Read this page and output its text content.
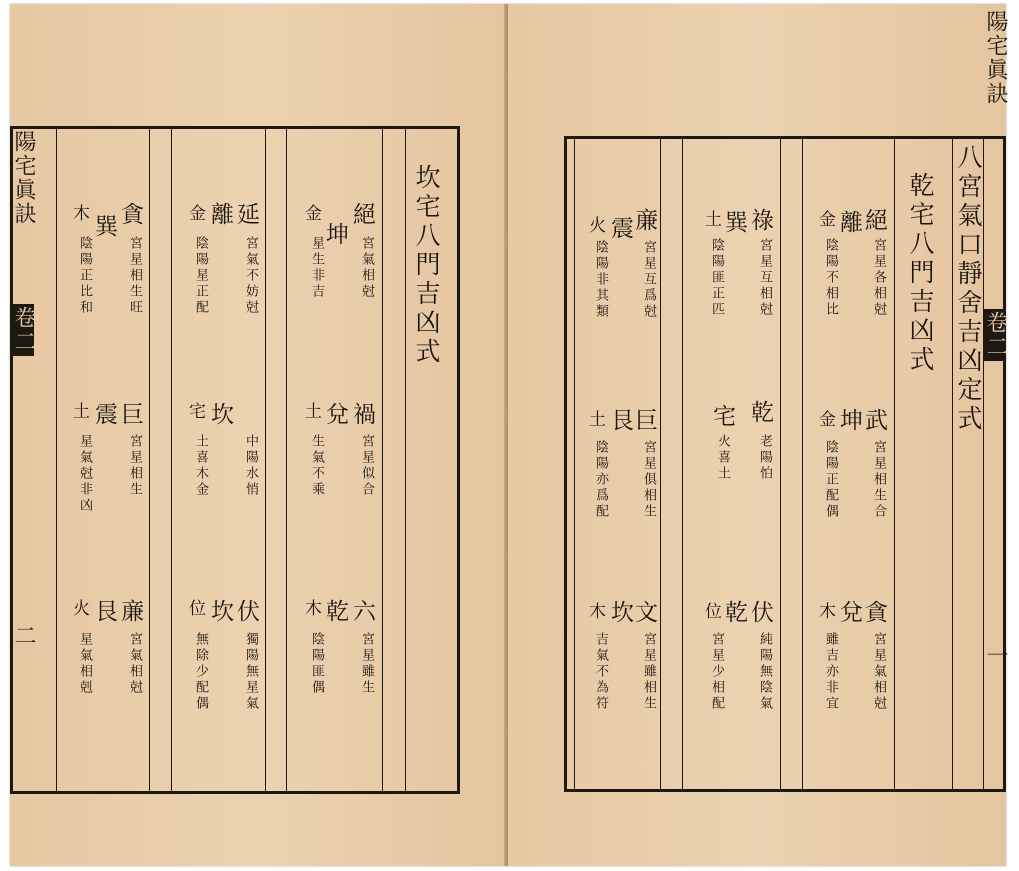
陽宅眞訣
卷二
二
坎宅八門吉凶式
絕
坤
金
宮氣相尅
星生非吉
禍
兌
土
宮星似合
生氣不乘
六
乾
木
宮星雖生
陰陽匪偶
延
離
金
宮氣不妨尅
陰陽星正配
坎
宅
中陽水悄
土喜木金
伏
坎
位
獨陽無星氣
無除少配偶
貪
巽
木
宮星相生旺
陰陽正比和
巨
震
土
宮星相生
星氣尅非凶
亷
艮
火
宮氣相尅
星氣相剋
陽宅眞訣
卷二
一
八宮氣口靜舍吉凶定式
乾宅八門吉凶式
絕
離
金
宮星各相尅
陰陽不相比
武
坤
金
宮星相生合
陰陽正配偶
貪
兌
木
宮星氣相尅
雖吉亦非宜
祿
巽
土
宮星互相尅
陰陽匪正匹
乾
宅
老陽怕
火喜土
伏
乾
位
純陽無陰氣
宮星少相配
亷
震
火
宮星互爲尅
陰陽非其類
巨
艮
土
宮星俱相生
陰陽亦爲配
文
坎
木
宮星雖相生
吉氣不為符
